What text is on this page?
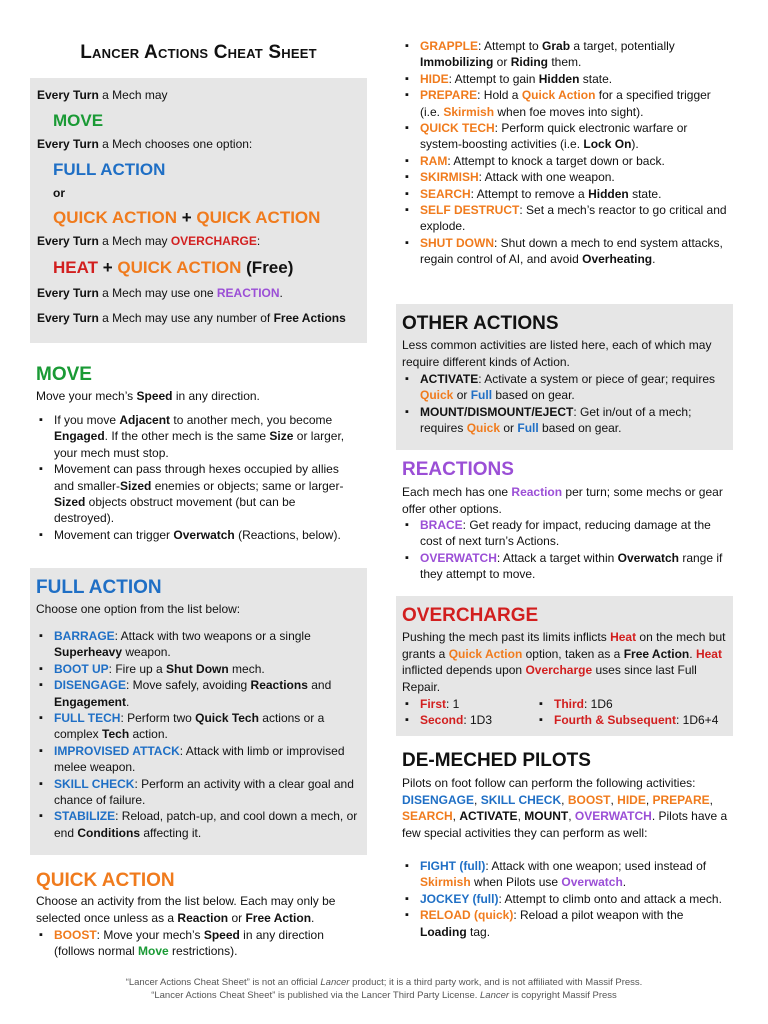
Lancer Actions Cheat Sheet
Every Turn a Mech may
MOVE
Every Turn a Mech chooses one option:
FULL ACTION
or
QUICK ACTION + QUICK ACTION
Every Turn a Mech may OVERCHARGE:
HEAT + QUICK ACTION (Free)
Every Turn a Mech may use one REACTION.
Every Turn a Mech may use any number of Free Actions
MOVE
Move your mech’s Speed in any direction.
▪ If you move Adjacent to another mech, you become Engaged. If the other mech is the same Size or larger, your mech must stop.
▪ Movement can pass through hexes occupied by allies and smaller-Sized enemies or objects; same or larger-Sized objects obstruct movement (but can be destroyed).
▪ Movement can trigger Overwatch (Reactions, below).
FULL ACTION
Choose one option from the list below:
▪ BARRAGE: Attack with two weapons or a single Superheavy weapon.
▪ BOOT UP: Fire up a Shut Down mech.
▪ DISENGAGE: Move safely, avoiding Reactions and Engagement.
▪ FULL TECH: Perform two Quick Tech actions or a complex Tech action.
▪ IMPROVISED ATTACK: Attack with limb or improvised melee weapon.
▪ SKILL CHECK: Perform an activity with a clear goal and chance of failure.
▪ STABILIZE: Reload, patch-up, and cool down a mech, or end Conditions affecting it.
QUICK ACTION
Choose an activity from the list below. Each may only be selected once unless as a Reaction or Free Action.
▪ BOOST: Move your mech’s Speed in any direction (follows normal Move restrictions).
▪ GRAPPLE: Attempt to Grab a target, potentially Immobilizing or Riding them.
▪ HIDE: Attempt to gain Hidden state.
▪ PREPARE: Hold a Quick Action for a specified trigger (i.e. Skirmish when foe moves into sight).
▪ QUICK TECH: Perform quick electronic warfare or system-boosting activities (i.e. Lock On).
▪ RAM: Attempt to knock a target down or back.
▪ SKIRMISH: Attack with one weapon.
▪ SEARCH: Attempt to remove a Hidden state.
▪ SELF DESTRUCT: Set a mech’s reactor to go critical and explode.
▪ SHUT DOWN: Shut down a mech to end system attacks, regain control of AI, and avoid Overheating.
OTHER ACTIONS
Less common activities are listed here, each of which may require different kinds of Action.
▪ ACTIVATE: Activate a system or piece of gear; requires Quick or Full based on gear.
▪ MOUNT/DISMOUNT/EJECT: Get in/out of a mech; requires Quick or Full based on gear.
REACTIONS
Each mech has one Reaction per turn; some mechs or gear offer other options.
▪ BRACE: Get ready for impact, reducing damage at the cost of next turn’s Actions.
▪ OVERWATCH: Attack a target within Overwatch range if they attempt to move.
OVERCHARGE
Pushing the mech past its limits inflicts Heat on the mech but grants a Quick Action option, taken as a Free Action. Heat inflicted depends upon Overcharge uses since last Full Repair.
▪ First: 1
▪ Second: 1D3
▪ Third: 1D6
▪ Fourth & Subsequent: 1D6+4
DE-MECHED PILOTS
Pilots on foot follow can perform the following activities: DISENGAGE, SKILL CHECK, BOOST, HIDE, PREPARE, SEARCH, ACTIVATE, MOUNT, OVERWATCH. Pilots have a few special activities they can perform as well:
▪ FIGHT (full): Attack with one weapon; used instead of Skirmish when Pilots use Overwatch.
▪ JOCKEY (full): Attempt to climb onto and attack a mech.
▪ RELOAD (quick): Reload a pilot weapon with the Loading tag.
“Lancer Actions Cheat Sheet” is not an official Lancer product; it is a third party work, and is not affiliated with Massif Press.
“Lancer Actions Cheat Sheet” is published via the Lancer Third Party License. Lancer is copyright Massif Press
